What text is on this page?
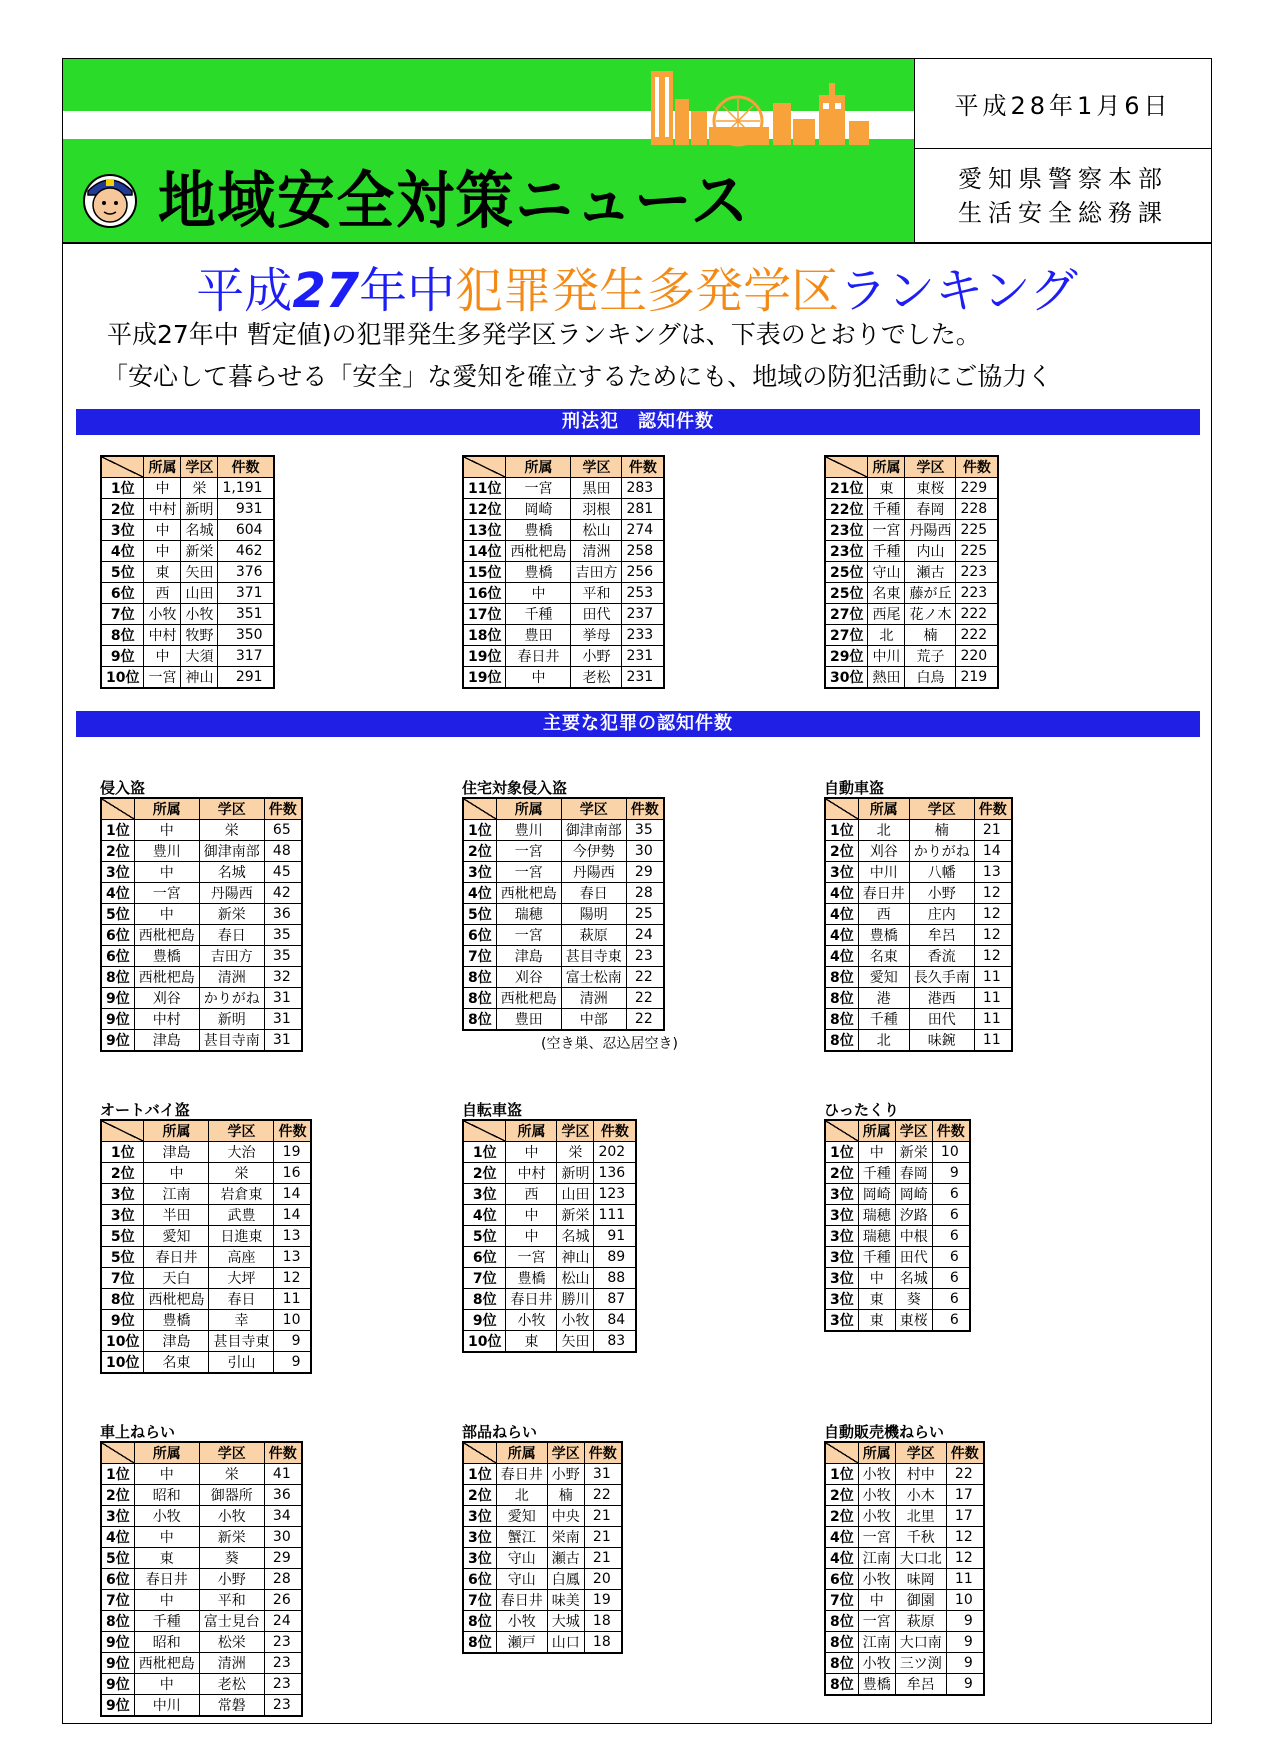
地域安全対策ニュース
平成28年1月6日
愛知県警察本部
生活安全総務課
平成27年中犯罪発生多発学区ランキング
平成27年中 暫定値)の犯罪発生多発学区ランキングは、下表のとおりでした。
「安心して暮らせる「安全」な愛知を確立するためにも、地域の防犯活動にご協力く
刑法犯　認知件数
	所属	学区	件数
1位	中	栄	1,191
2位	中村	新明	931
3位	中	名城	604
4位	中	新栄	462
5位	東	矢田	376
6位	西	山田	371
7位	小牧	小牧	351
8位	中村	牧野	350
9位	中	大須	317
10位	一宮	神山	291
	所属	学区	件数
11位	一宮	黒田	283
12位	岡崎	羽根	281
13位	豊橋	松山	274
14位	西枇杷島	清洲	258
15位	豊橋	吉田方	256
16位	中	平和	253
17位	千種	田代	237
18位	豊田	挙母	233
19位	春日井	小野	231
19位	中	老松	231
	所属	学区	件数
21位	東	東桜	229
22位	千種	春岡	228
23位	一宮	丹陽西	225
23位	千種	内山	225
25位	守山	瀬古	223
25位	名東	藤が丘	223
27位	西尾	花ノ木	222
27位	北	楠	222
29位	中川	荒子	220
30位	熱田	白鳥	219
主要な犯罪の認知件数
侵入盗
	所属	学区	件数
1位	中	栄	65
2位	豊川	御津南部	48
3位	中	名城	45
4位	一宮	丹陽西	42
5位	中	新栄	36
6位	西枇杷島	春日	35
6位	豊橋	吉田方	35
8位	西枇杷島	清洲	32
9位	刈谷	かりがね	31
9位	中村	新明	31
9位	津島	甚目寺南	31
住宅対象侵入盗
	所属	学区	件数
1位	豊川	御津南部	35
2位	一宮	今伊勢	30
3位	一宮	丹陽西	29
4位	西枇杷島	春日	28
5位	瑞穂	陽明	25
6位	一宮	萩原	24
7位	津島	甚目寺東	23
8位	刈谷	富士松南	22
8位	西枇杷島	清洲	22
8位	豊田	中部	22
自動車盗
	所属	学区	件数
1位	北	楠	21
2位	刈谷	かりがね	14
3位	中川	八幡	13
4位	春日井	小野	12
4位	西	庄内	12
4位	豊橋	牟呂	12
4位	名東	香流	12
8位	愛知	長久手南	11
8位	港	港西	11
8位	千種	田代	11
8位	北	味鋺	11
(空き巣、忍込居空き)
オートバイ盗
	所属	学区	件数
1位	津島	大治	19
2位	中	栄	16
3位	江南	岩倉東	14
3位	半田	武豊	14
5位	愛知	日進東	13
5位	春日井	高座	13
7位	天白	大坪	12
8位	西枇杷島	春日	11
9位	豊橋	幸	10
10位	津島	甚目寺東	9
10位	名東	引山	9
自転車盗
	所属	学区	件数
1位	中	栄	202
2位	中村	新明	136
3位	西	山田	123
4位	中	新栄	111
5位	中	名城	91
6位	一宮	神山	89
7位	豊橋	松山	88
8位	春日井	勝川	87
9位	小牧	小牧	84
10位	東	矢田	83
ひったくり
	所属	学区	件数
1位	中	新栄	10
2位	千種	春岡	9
3位	岡崎	岡崎	6
3位	瑞穂	汐路	6
3位	瑞穂	中根	6
3位	千種	田代	6
3位	中	名城	6
3位	東	葵	6
3位	東	東桜	6
車上ねらい
	所属	学区	件数
1位	中	栄	41
2位	昭和	御器所	36
3位	小牧	小牧	34
4位	中	新栄	30
5位	東	葵	29
6位	春日井	小野	28
7位	中	平和	26
8位	千種	富士見台	24
9位	昭和	松栄	23
9位	西枇杷島	清洲	23
9位	中	老松	23
9位	中川	常磐	23
部品ねらい
	所属	学区	件数
1位	春日井	小野	31
2位	北	楠	22
3位	愛知	中央	21
3位	蟹江	栄南	21
3位	守山	瀬古	21
6位	守山	白鳳	20
7位	春日井	味美	19
8位	小牧	大城	18
8位	瀬戸	山口	18
自動販売機ねらい
	所属	学区	件数
1位	小牧	村中	22
2位	小牧	小木	17
2位	小牧	北里	17
4位	一宮	千秋	12
4位	江南	大口北	12
6位	小牧	味岡	11
7位	中	御園	10
8位	一宮	萩原	9
8位	江南	大口南	9
8位	小牧	三ツ渕	9
8位	豊橋	牟呂	9
